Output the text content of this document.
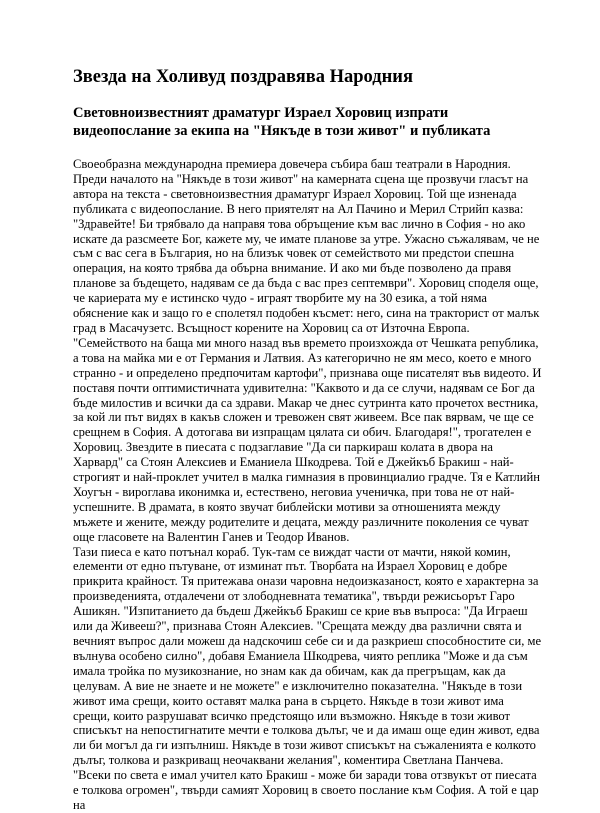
Звезда на Холивуд поздравява Народния
Световноизвестният драматург Израел Хоровиц изпрати видеопослание за екипа на "Някъде в този живот" и публиката

Своеобразна международна премиера довечера събира баш театрали в Народния. Преди началото на "Някъде в този живот" на камерната сцена ще прозвучи гласът на автора на текста - световноизвестния драматург Израел Хоровиц. Той ще изненада публиката с видеопослание. В него приятелят на Ал Пачино и Мерил Стрийп казва: "Здравейте! Би трябвало да направя това обръщение към вас лично в София - но ако искате да разсмеете Бог, кажете му, че имате планове за утре. Ужасно съжалявам, че не съм с вас сега в България, но на близък човек от семейството ми предстои спешна операция, на която трябва да обърна внимание. И ако ми бъде позволено да правя планове за бъдещето, надявам се да бъда с вас през септември". Хоровиц споделя още, че кариерата му е истинско чудо - играят творбите му на 30 езика, а той няма обяснение как и защо го е сполетял подобен късмет: него, сина на тракторист от малък град в Масачузетс. Всъщност корените на Хоровиц са от Източна Европа.

"Семейството на баща ми много назад във времето произхожда от Чешката република, а това на майка ми е от Германия и Латвия. Аз категорично не ям месо, което е много странно - и определено предпочитам картофи", признава още писателят във видеото. И поставя почти оптимистичната удивителна: "Каквото и да се случи, надявам се Бог да бъде милостив и всички да са здрави. Макар че днес сутринта като прочетох вестника, за кой ли път видях в какъв сложен и тревожен свят живеем. Все пак вярвам, че ще се срещнем в София. А дотогава ви изпращам цялата си обич. Благодаря!", трогателен е Хоровиц. Звездите в пиесата с подзаглавие "Да си паркираш колата в двора на Харвард" са Стоян Алексиев и Еманиела Шкодрева. Той е Джейкъб Бракиш - най-строгият и най-проклет учител в малка гимназия в провинциалио градче. Тя е Катлийн Хоугън - вироглава иконимка и, естествено, неговиа ученичка, при това не от най-успешните. В драмата, в която звучат библейски мотиви за отношенията между мъжете и жените, между родителите и децата, между различните поколения се чуват още гласовете на Валентин Ганев и Теодор Иванов.

Тази пиеса е като потънал кораб. Тук-там се виждат части от мачти, някой комин, елементи от едно пътуване, от изминат път. Творбата на Израел Хоровиц е добре прикрита крайност. Тя притежава онази чаровна недоизказаност, която е характерна за произведенията, отдалечени от злободневната тематика", твърди режисьорът Гаро Ашикян. "Изпитанието да бъдеш Джейкъб Бракиш се крие във въпроса: "Да Играеш или да Живееш?", признава Стоян Алексиев. "Срещата между два различни свята и вечният въпрос дали можеш да надскочиш себе си и да разкриеш способностите си, ме вълнува особено силно", добавя Еманиела Шкодрева, чиято реплика "Може и да съм имала тройка по музикознание, но знам как да обичам, как да прегръщам, как да целувам. А вие не знаете и не можете" е изключително показателна. "Някъде в този живот има срещи, които оставят малка рана в сърцето. Някъде в този живот има срещи, които разрушават всичко предстоящо или възможно. Някъде в този живот списъкът на непостигнатите мечти е толкова дълъг, че и да имаш още един живот, едва ли би могъл да ги изпълниш. Някъде в този живот списъкът на съжаленията е колкото дълъг, толкова и разкриващ неочаквани желания", коментира Светлана Панчева.

"Всеки по света е имал учител като Бракиш - може би заради това отзвукът от пиесата е толкова огромен", твърди самият Хоровиц в своето послание към София. А той е цар на
